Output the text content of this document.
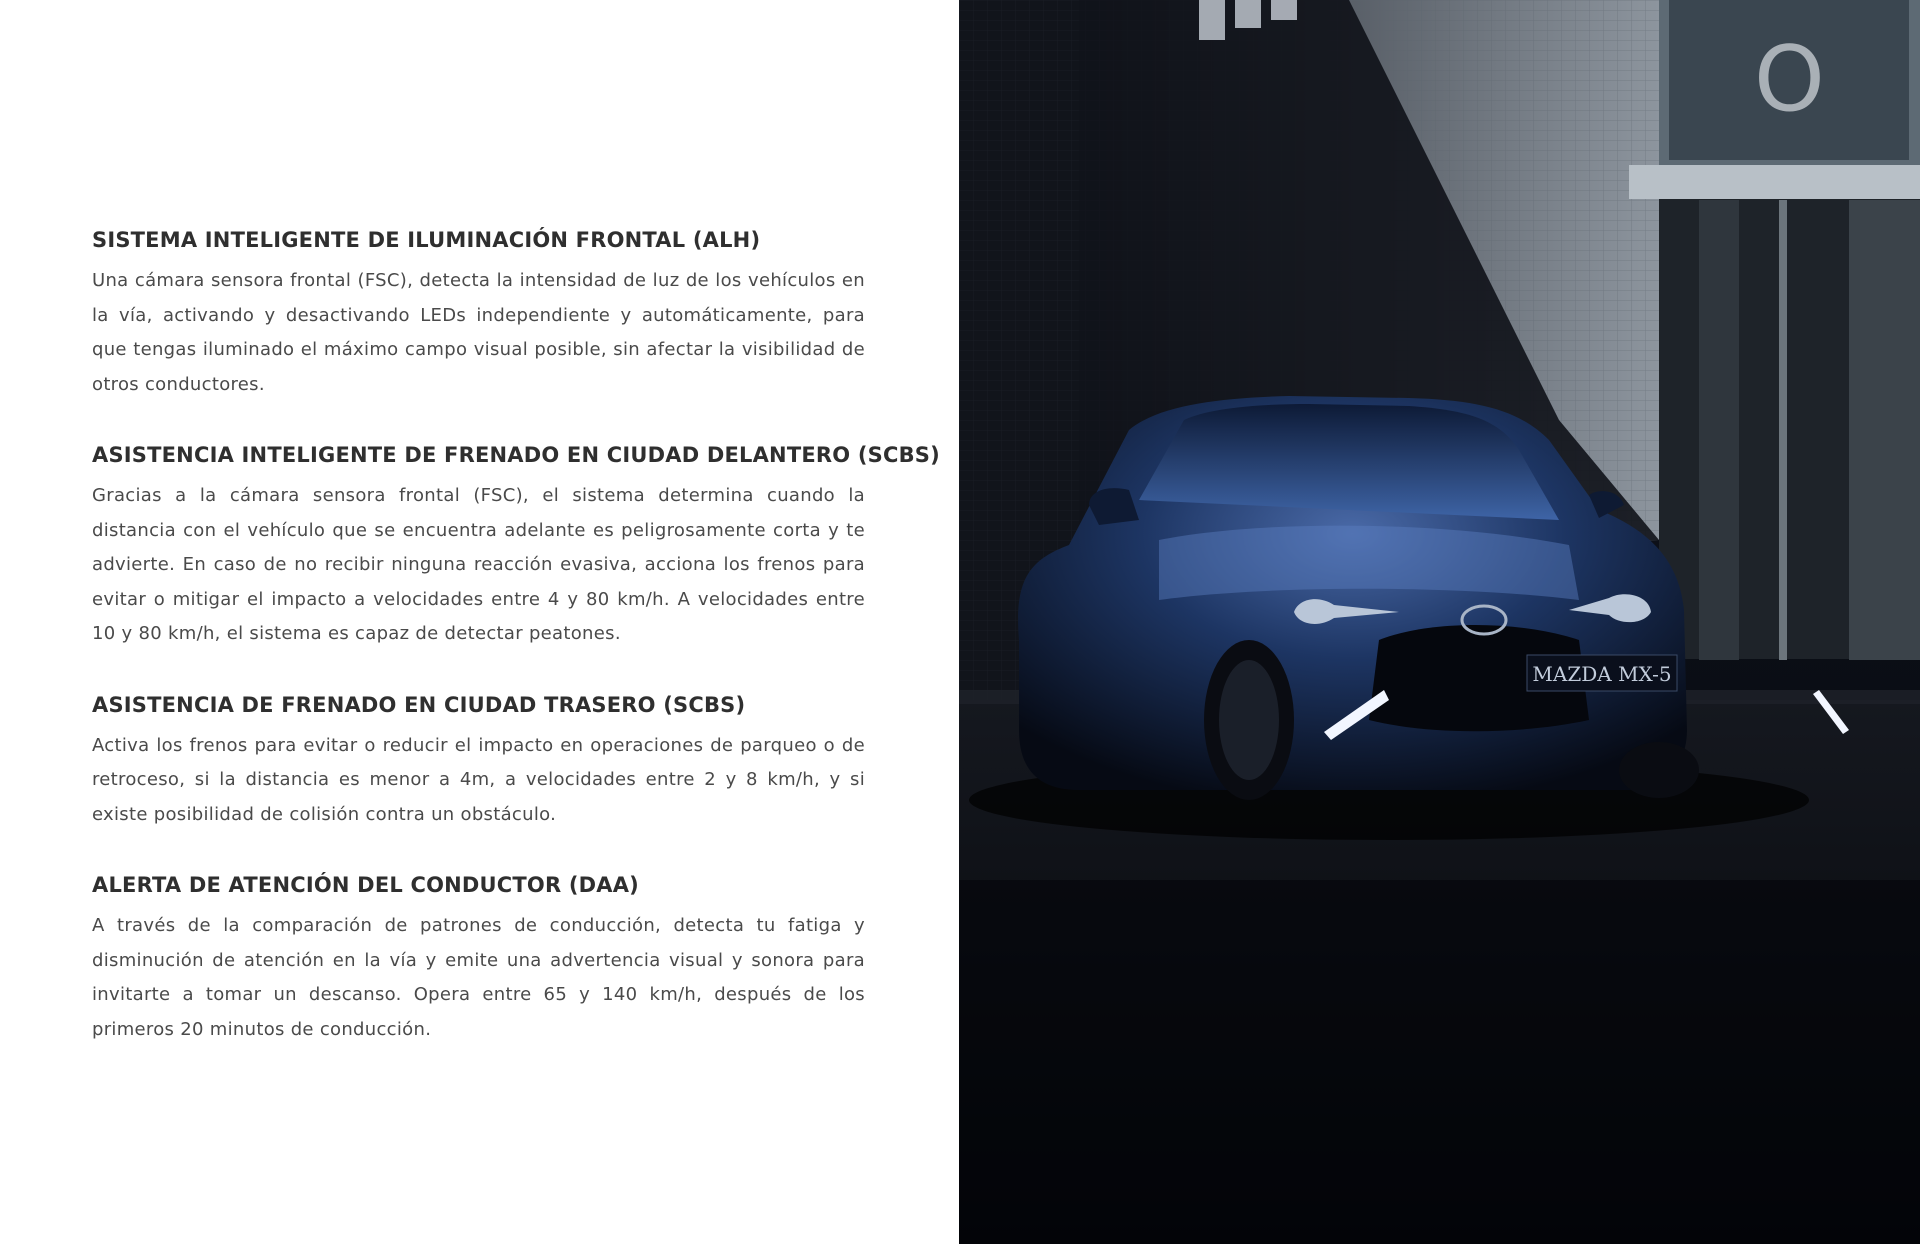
SISTEMA INTELIGENTE DE ILUMINACIÓN FRONTAL (ALH)

Una cámara sensora frontal (FSC), detecta la intensidad de luz de los vehículos en la vía, activando y desactivando LEDs independiente y automáticamente, para que tengas iluminado el máximo campo visual posible, sin afectar la visibilidad de otros conductores.

ASISTENCIA INTELIGENTE DE FRENADO EN CIUDAD DELANTERO (SCBS)

Gracias a la cámara sensora frontal (FSC), el sistema determina cuando la distancia con el vehículo que se encuentra adelante es peligrosamente corta y te advierte. En caso de no recibir ninguna reacción evasiva, acciona los frenos para evitar o mitigar el impacto a velocidades entre 4 y 80 km/h. A velocidades entre 10 y 80 km/h, el sistema es capaz de detectar peatones.

ASISTENCIA DE FRENADO EN CIUDAD TRASERO (SCBS)

Activa los frenos para evitar o reducir el impacto en operaciones de parqueo o de retroceso, si la distancia es menor a 4m, a velocidades entre 2 y 8 km/h, y si existe posibilidad de colisión contra un obstáculo.

ALERTA DE ATENCIÓN DEL CONDUCTOR (DAA)

A través de la comparación de patrones de conducción, detecta tu fatiga y disminución de atención en la vía y emite una advertencia visual y sonora para invitarte a tomar un descanso. Opera entre 65 y 140 km/h, después de los primeros 20 minutos de conducción.

O
MAZDA MX-5
